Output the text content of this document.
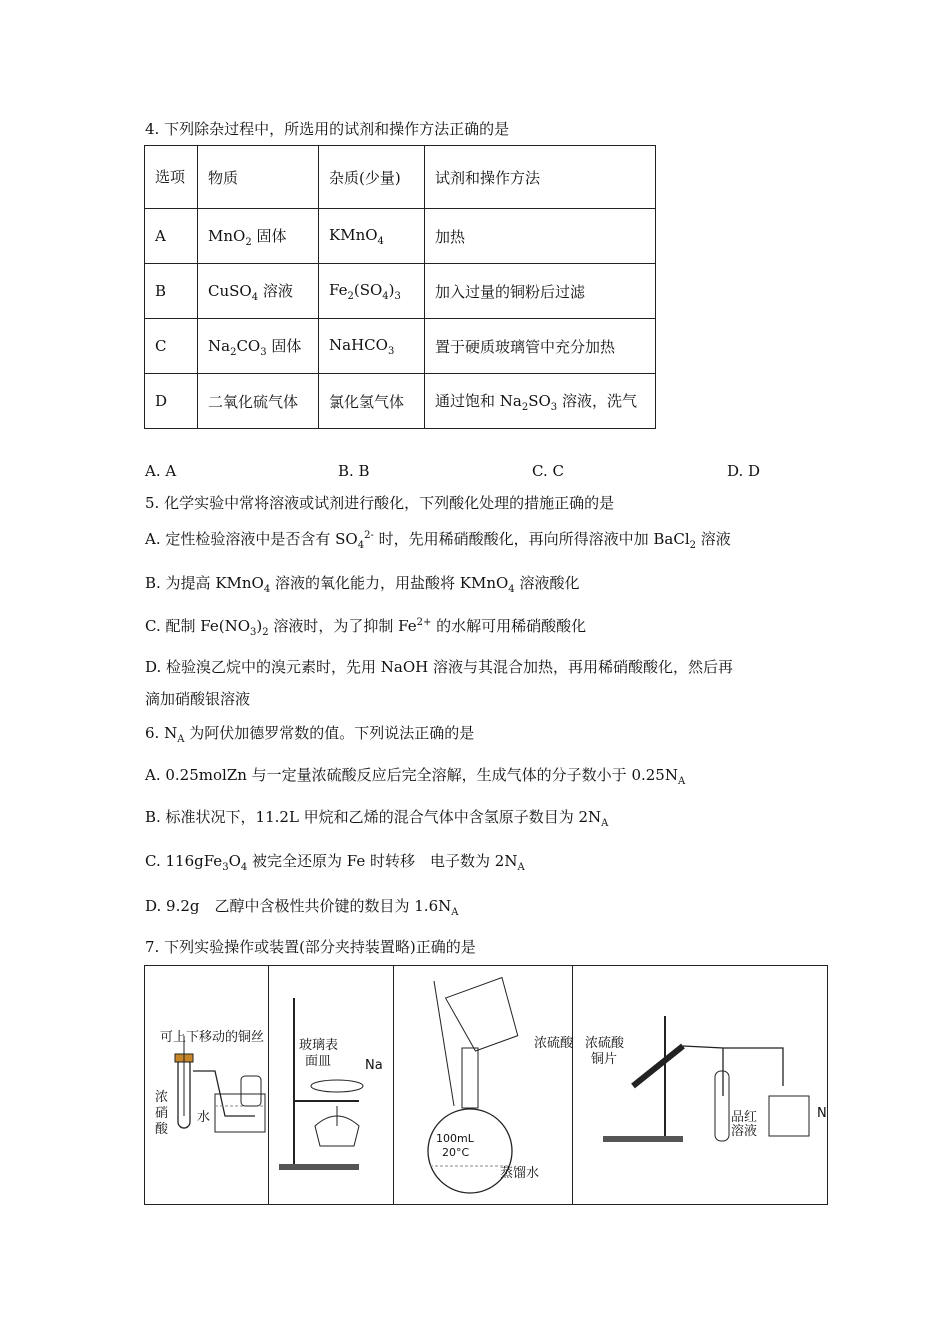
4. 下列除杂过程中，所选用的试剂和操作方法正确的是
选项	物质	杂质(少量)	试剂和操作方法
A	MnO$_2$ 固体	KMnO$_4$	加热
B	CuSO$_4$ 溶液	$Fe_2(SO_4)_3$	加入过量的铜粉后过滤
C	$Na_2CO_3$ 固体	NaHCO$_3$	置于硬质玻璃管中充分加热
D	二氧化硫气体	氯化氢气体	通过饱和 $Na_2SO_3$ 溶液，洗气
A. A	B. B	C. C	D. D
5. 化学实验中常将溶液或试剂进行酸化，下列酸化处理的措施正确的是
A. 定性检验溶液中是否含有 $SO_4^{2-}$ 时，先用稀硝酸酸化，再向所得溶液中加 BaCl$_2$ 溶液
B. 为提高 KMnO$_4$ 溶液的氧化能力，用盐酸将 KMnO$_4$ 溶液酸化
C. 配制 $Fe(NO_3)_2$ 溶液时，为了抑制 $Fe^{2+}$ 的水解可用稀硝酸酸化
D. 检验溴乙烷中的溴元素时，先用 NaOH 溶液与其混合加热，再用稀硝酸酸化，然后再
滴加硝酸银溶液
6. $N_A$ 为阿伏加德罗常数的值。下列说法正确的是
A. 0.25molZn 与一定量浓硫酸反应后完全溶解，生成气体的分子数小于 $0.25N_A$
B. 标准状况下，11.2L 甲烷和乙烯的混合气体中含氢原子数目为 $2N_A$
C. $116gFe_3O_4$ 被完全还原为 Fe 时转移　电子数为 $2N_A$
D. 9.2g　乙醇中含极性共价键的数目为 $1.6N_A$
7. 下列实验操作或装置(部分夹持装置略)正确的是
可上下移动的铜丝
浓
硝
酸
水
玻璃表
面皿	Na
浓硫酸
100mL
20°C
蒸馏水
浓硫酸
铜片
品红
溶液
N
